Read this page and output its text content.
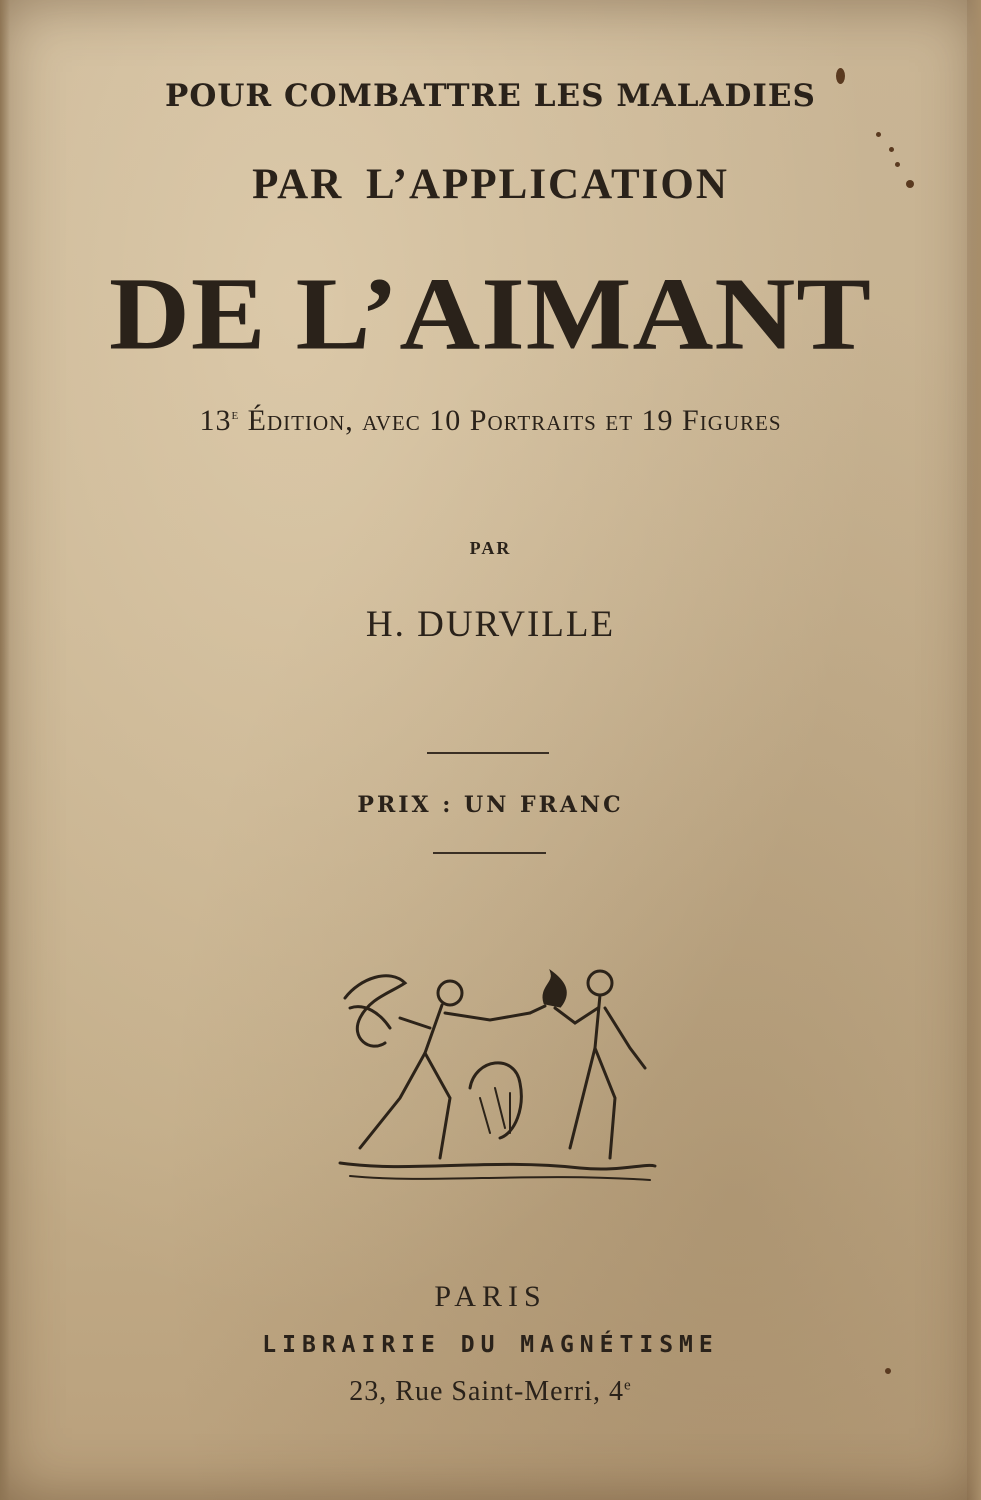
POUR COMBATTRE LES MALADIES
PAR L’APPLICATION
DE L’AIMANT
13e Édition, avec 10 Portraits et 19 Figures
PAR
H. DURVILLE
PRIX : UN FRANC
PARIS
LIBRAIRIE DU MAGNÉTISME
23, Rue Saint-Merri, 4e
